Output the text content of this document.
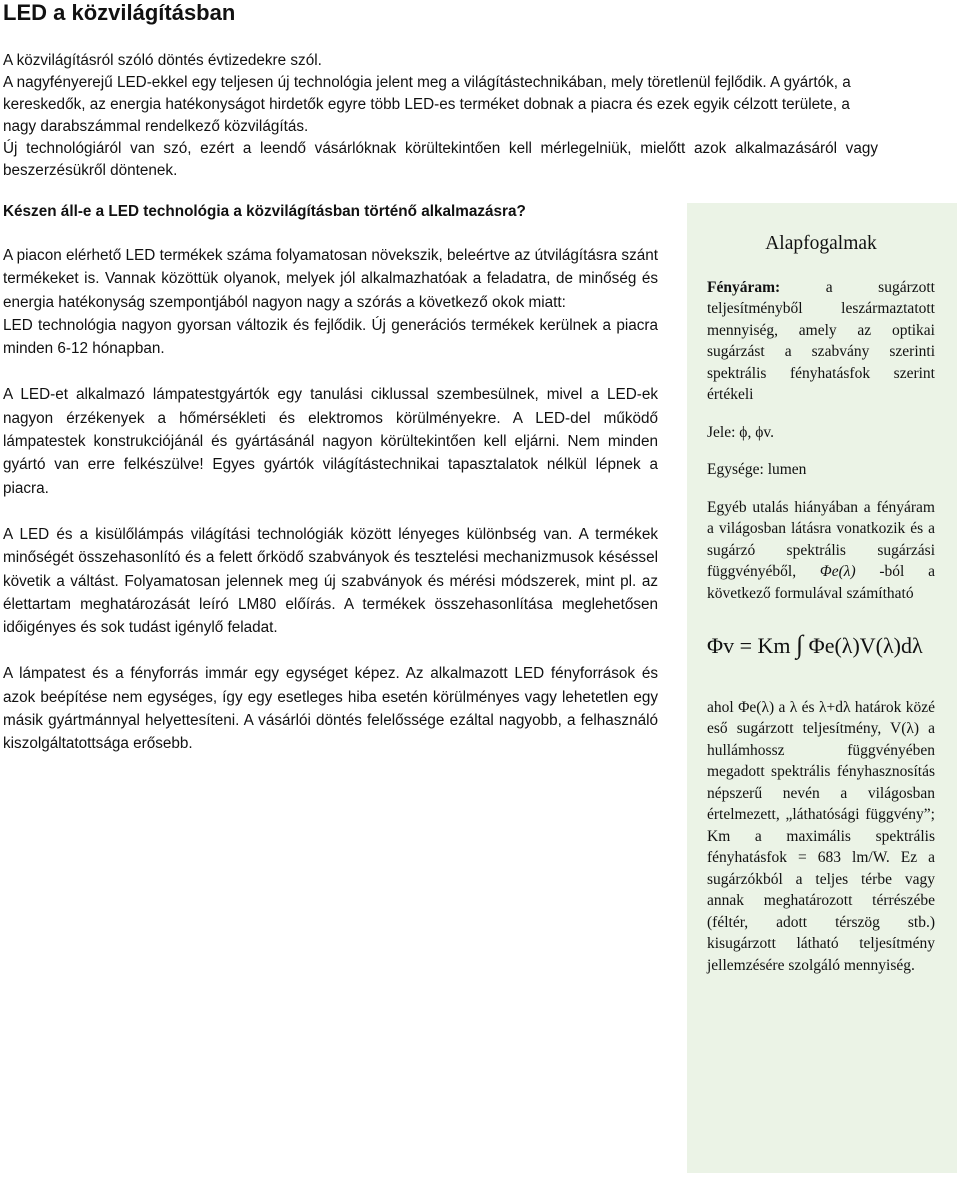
LED a közvilágításban

A közvilágításról szóló döntés évtizedekre szól.

A nagyfényerejű LED-ekkel egy teljesen új technológia jelent meg a világítástechnikában, mely töretlenül fejlődik. A gyártók, a kereskedők, az energia hatékonyságot hirdetők egyre több LED-es terméket dobnak a piacra és ezek egyik célzott területe, a nagy darabszámmal rendelkező közvilágítás.

Új technológiáról van szó, ezért a leendő vásárlóknak körültekintően kell mérlegelniük, mielőtt azok alkalmazásáról vagy beszerzésükről döntenek.

Készen áll-e a LED technológia a közvilágításban történő alkalmazásra?

A piacon elérhető LED termékek száma folyamatosan növekszik, beleértve az útvilágításra szánt termékeket is. Vannak közöttük olyanok, melyek jól alkalmazhatóak a feladatra, de minőség és energia hatékonyság szempontjából nagyon nagy a szórás a következő okok miatt:

LED technológia nagyon gyorsan változik és fejlődik. Új generációs termékek kerülnek a piacra minden 6-12 hónapban.

A LED-et alkalmazó lámpatestgyártók egy tanulási ciklussal szembesülnek, mivel a LED-ek nagyon érzékenyek a hőmérsékleti és elektromos körülményekre. A LED-del működő lámpatestek konstrukciójánál és gyártásánál nagyon körültekintően kell eljárni. Nem minden gyártó van erre felkészülve! Egyes gyártók világítástechnikai tapasztalatok nélkül lépnek a piacra.

A LED és a kisülőlámpás világítási technológiák között lényeges különbség van. A termékek minőségét összehasonlító és a felett őrködő szabványok és tesztelési mechanizmusok késéssel követik a váltást. Folyamatosan jelennek meg új szabványok és mérési módszerek, mint pl. az élettartam meghatározását leíró LM80 előírás. A termékek összehasonlítása meglehetősen időigényes és sok tudást igénylő feladat.

A lámpatest és a fényforrás immár egy egységet képez. Az alkalmazott LED fényforrások és azok beépítése nem egységes, így egy esetleges hiba esetén körülményes vagy lehetetlen egy másik gyártmánnyal helyettesíteni. A vásárlói döntés felelőssége ezáltal nagyobb, a felhasználó kiszolgáltatottsága erősebb.

Alapfogalmak

Fényáram:	a sugárzott teljesítményből leszármaztatott mennyiség, amely az optikai sugárzást a szabvány szerinti spektrális fényhatásfok szerint értékeli

Jele: ϕ, ϕv.

Egysége: lumen

Egyéb utalás hiányában a fényáram a világosban látásra vonatkozik és a sugárzó spektrális sugárzási függvényéből, Φe(λ) -ból a következő formulával számítható

Φv = Km ∫ Φe(λ)V(λ)dλ

ahol Φe(λ) a λ és λ+dλ határok közé eső sugárzott teljesítmény, V(λ) a hullámhossz függvényében megadott spektrális fényhasznosítás népszerű nevén a világosban értelmezett, „láthatósági függvény”; Km a maximális spektrális fényhatásfok = 683 lm/W. Ez a sugárzókból a teljes térbe vagy annak meghatározott térrészébe (féltér, adott térszög stb.) kisugárzott látható teljesítmény jellemzésére szolgáló mennyiség.
